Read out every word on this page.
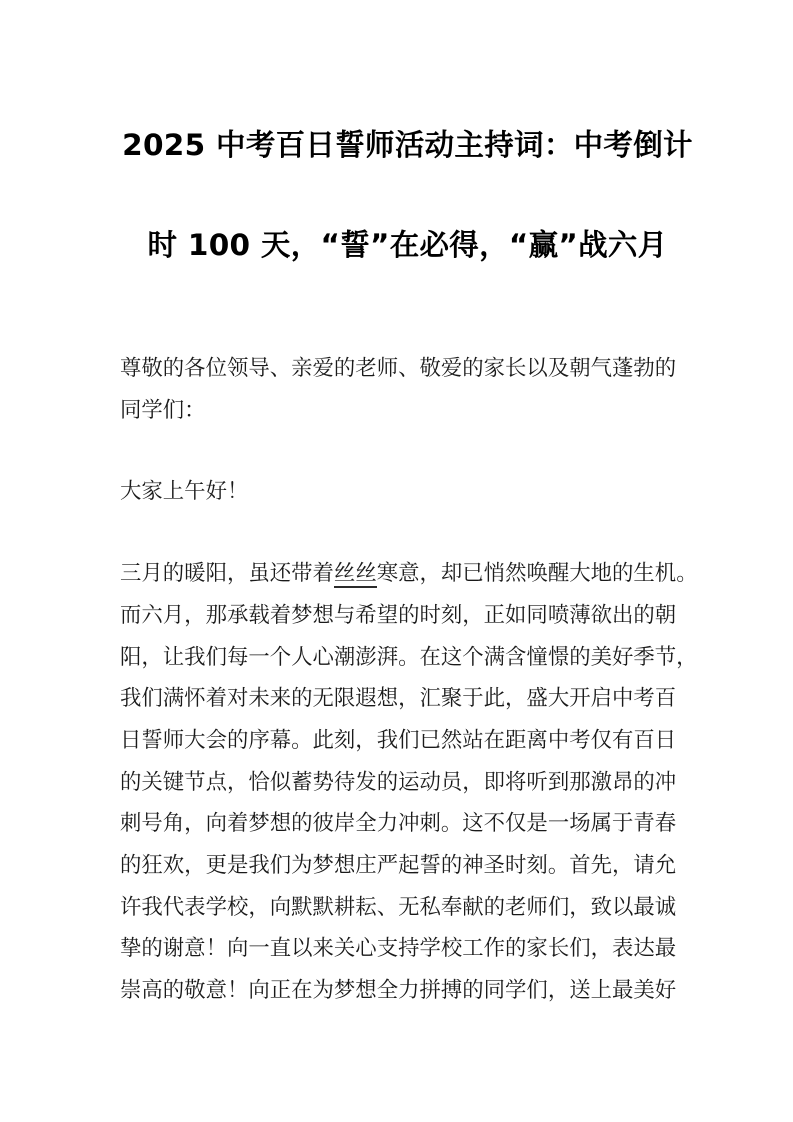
2025 中考百日誓师活动主持词：中考倒计
时 100 天，“誓”在必得，“赢”战六月
尊敬的各位领导、亲爱的老师、敬爱的家长以及朝气蓬勃的
同学们：
大家上午好！
三月的暖阳，虽还带着丝丝寒意，却已悄然唤醒大地的生机。
而六月，那承载着梦想与希望的时刻，正如同喷薄欲出的朝
阳，让我们每一个人心潮澎湃。在这个满含憧憬的美好季节，
我们满怀着对未来的无限遐想，汇聚于此，盛大开启中考百
日誓师大会的序幕。此刻，我们已然站在距离中考仅有百日
的关键节点，恰似蓄势待发的运动员，即将听到那激昂的冲
刺号角，向着梦想的彼岸全力冲刺。这不仅是一场属于青春
的狂欢，更是我们为梦想庄严起誓的神圣时刻。首先，请允
许我代表学校，向默默耕耘、无私奉献的老师们，致以最诚
挚的谢意！向一直以来关心支持学校工作的家长们，表达最
崇高的敬意！向正在为梦想全力拼搏的同学们，送上最美好
